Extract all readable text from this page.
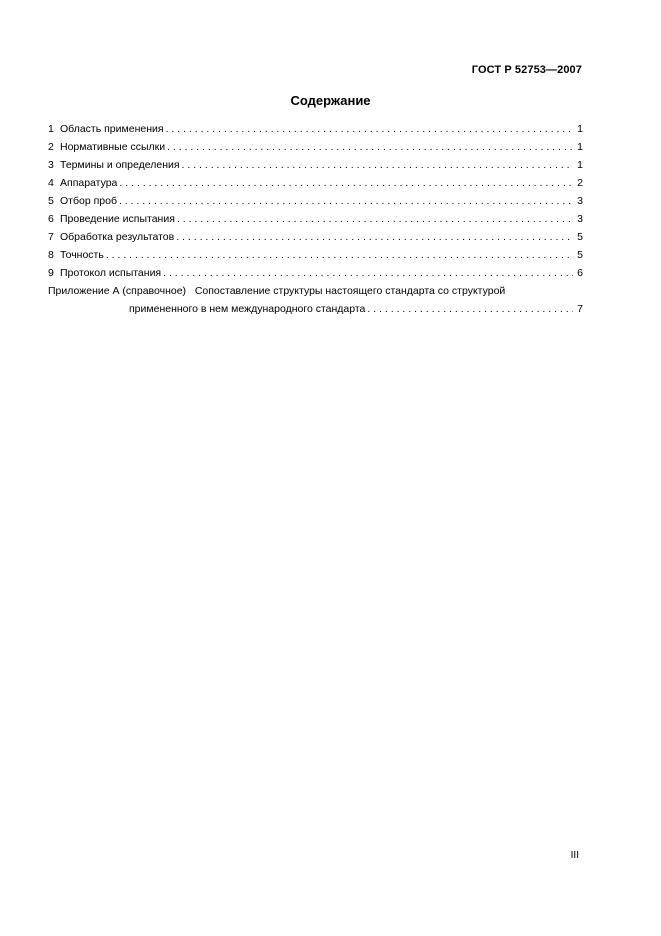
ГОСТ Р 52753—2007
Содержание
1 Область применения . . .	1
2 Нормативные ссылки . . .	1
3 Термины и определения . . .	1
4 Аппаратура . . .	2
5 Отбор проб . . .	3
6 Проведение испытания . . .	3
7 Обработка результатов . . .	5
8 Точность . . .	5
9 Протокол испытания . . .	6
Приложение А (справочное) Сопоставление структуры настоящего стандарта со структурой
примененного в нем международного стандарта . . .	7
III
